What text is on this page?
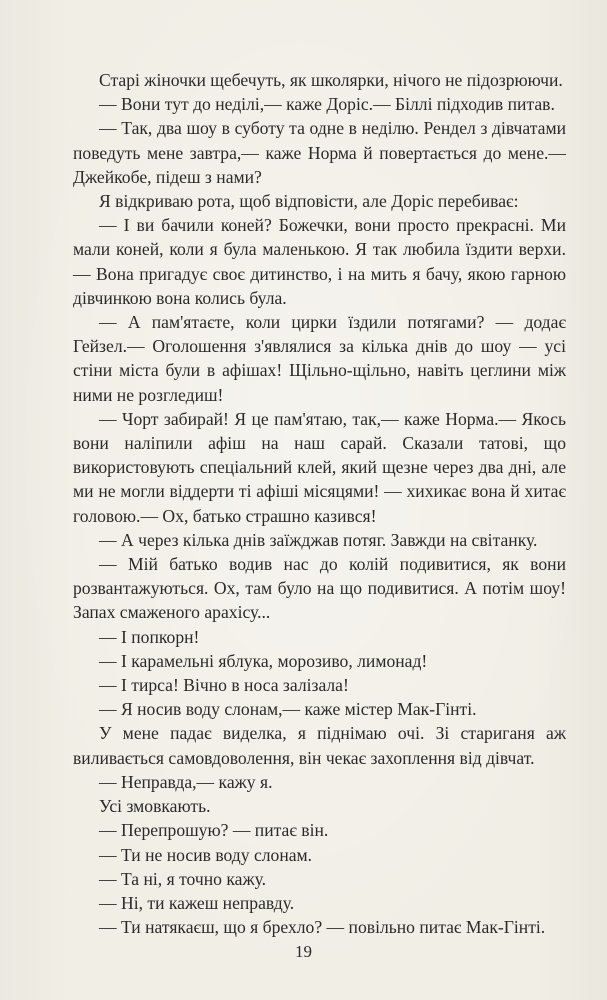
Старі жіночки щебечуть, як школярки, нічого не підозрюючи.

— Вони тут до неділі,— каже Доріс.— Біллі підходив питав.

— Так, два шоу в суботу та одне в неділю. Рендел з дівчатами поведуть мене завтра,— каже Норма й повертається до мене.— Джейкобе, підеш з нами?

Я відкриваю рота, щоб відповісти, але Доріс перебиває:

— І ви бачили коней? Божечки, вони просто прекрасні. Ми мали коней, коли я була маленькою. Я так любила їздити верхи.— Вона пригадує своє дитинство, і на мить я бачу, якою гарною дівчинкою вона колись була.

— А пам'ятаєте, коли цирки їздили потягами? — додає Гейзел.— Оголошення з'являлися за кілька днів до шоу — усі стіни міста були в афішах! Щільно-щільно, навіть цеглини між ними не розгледиш!

— Чорт забирай! Я це пам'ятаю, так,— каже Норма.— Якось вони наліпили афіш на наш сарай. Сказали татові, що використовують спеціальний клей, який щезне через два дні, але ми не могли віддерти ті афіші місяцями! — хихикає вона й хитає головою.— Ох, батько страшно казився!

— А через кілька днів заїжджав потяг. Завжди на світанку.

— Мій батько водив нас до колій подивитися, як вони розвантажуються. Ох, там було на що подивитися. А потім шоу! Запах смаженого арахісу...

— І попкорн!

— І карамельні яблука, морозиво, лимонад!

— І тирса! Вічно в носа залізала!

— Я носив воду слонам,— каже містер Мак-Гінті.

У мене падає виделка, я піднімаю очі. Зі стариганя аж виливається самовдоволення, він чекає захоплення від дівчат.

— Неправда,— кажу я.

Усі змовкають.

— Перепрошую? — питає він.

— Ти не носив воду слонам.

— Та ні, я точно кажу.

— Ні, ти кажеш неправду.

— Ти натякаєш, що я брехло? — повільно питає Мак-Гінті.

19
